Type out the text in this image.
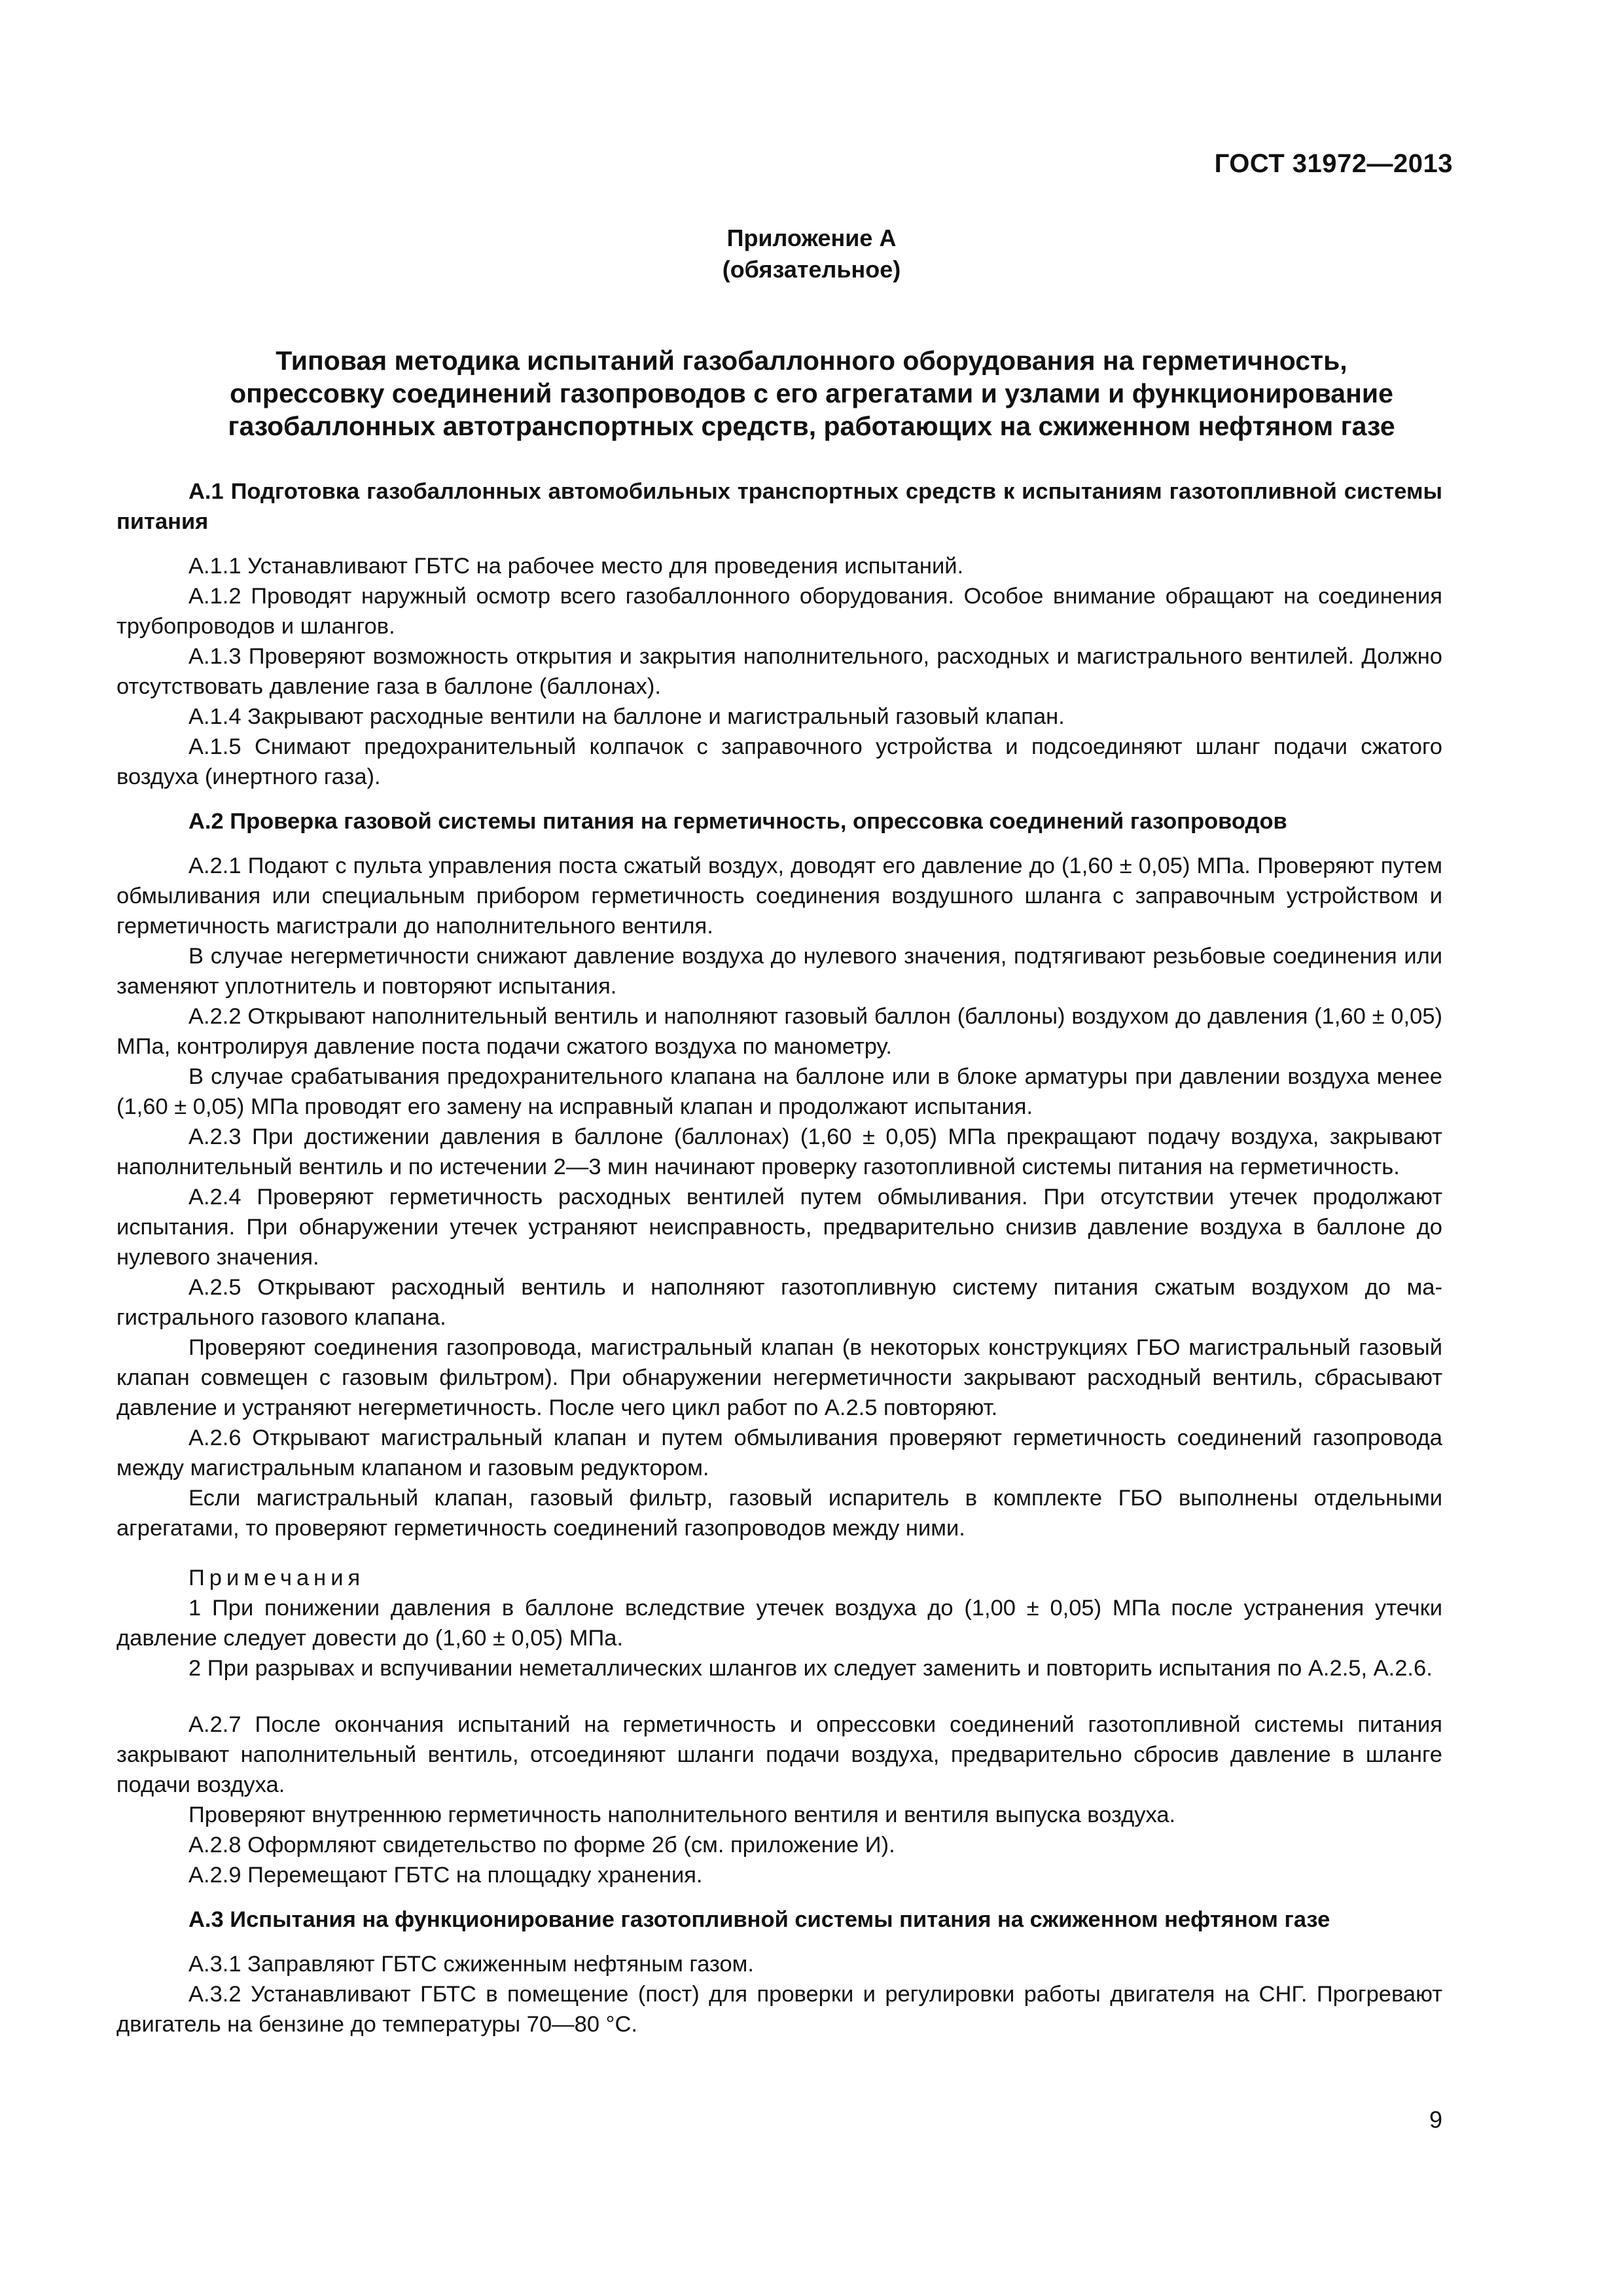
ГОСТ 31972—2013
Приложение А
(обязательное)
Типовая методика испытаний газобаллонного оборудования на герметичность,
опрессовку соединений газопроводов с его агрегатами и узлами и функционирование
газобаллонных автотранспортных средств, работающих на сжиженном нефтяном газе

А.1 Подготовка газобаллонных автомобильных транспортных средств к испытаниям газотопливной системы питания

А.1.1 Устанавливают ГБТС на рабочее место для проведения испытаний.

А.1.2 Проводят наружный осмотр всего газобаллонного оборудования. Особое внимание обращают на соединения трубопроводов и шлангов.

А.1.3 Проверяют возможность открытия и закрытия наполнительного, расходных и магистрального вентилей. Должно отсутствовать давление газа в баллоне (баллонах).

А.1.4 Закрывают расходные вентили на баллоне и магистральный газовый клапан.

А.1.5 Снимают предохранительный колпачок с заправочного устройства и подсоединяют шланг подачи сжатого воздуха (инертного газа).

А.2 Проверка газовой системы питания на герметичность, опрессовка соединений газопроводов

А.2.1 Подают с пульта управления поста сжатый воздух, доводят его давление до (1,60 ± 0,05) МПа. Проверяют путем обмыливания или специальным прибором герметичность соединения воздушного шланга с заправочным устройством и герметичность магистрали до наполнительного вентиля.

В случае негерметичности снижают давление воздуха до нулевого значения, подтягивают резьбовые соединения или заменяют уплотнитель и повторяют испытания.

А.2.2 Открывают наполнительный вентиль и наполняют газовый баллон (баллоны) воздухом до давления (1,60 ± 0,05) МПа, контролируя давление поста подачи сжатого воздуха по манометру.

В случае срабатывания предохранительного клапана на баллоне или в блоке арматуры при давлении воздуха менее (1,60 ± 0,05) МПа проводят его замену на исправный клапан и продолжают испытания.

А.2.3 При достижении давления в баллоне (баллонах) (1,60 ± 0,05) МПа прекращают подачу воздуха, закрывают наполнительный вентиль и по истечении 2—3 мин начинают проверку газотопливной системы питания на герметичность.

А.2.4 Проверяют герметичность расходных вентилей путем обмыливания. При отсутствии утечек продолжают испытания. При обнаружении утечек устраняют неисправность, предварительно снизив давление воздуха в баллоне до нулевого значения.

А.2.5 Открывают расходный вентиль и наполняют газотопливную систему питания сжатым воздухом до магистрального газового клапана.

Проверяют соединения газопровода, магистральный клапан (в некоторых конструкциях ГБО магистральный газовый клапан совмещен с газовым фильтром). При обнаружении негерметичности закрывают расходный вентиль, сбрасывают давление и устраняют негерметичность. После чего цикл работ по А.2.5 повторяют.

А.2.6 Открывают магистральный клапан и путем обмыливания проверяют герметичность соединений газопровода между магистральным клапаном и газовым редуктором.

Если магистральный клапан, газовый фильтр, газовый испаритель в комплекте ГБО выполнены отдельными агрегатами, то проверяют герметичность соединений газопроводов между ними.

Примечания

1 При понижении давления в баллоне вследствие утечек воздуха до (1,00 ± 0,05) МПа после устранения утечки давление следует довести до (1,60 ± 0,05) МПа.

2 При разрывах и вспучивании неметаллических шлангов их следует заменить и повторить испытания по А.2.5, А.2.6.

А.2.7 После окончания испытаний на герметичность и опрессовки соединений газотопливной системы питания закрывают наполнительный вентиль, отсоединяют шланги подачи воздуха, предварительно сбросив давление в шланге подачи воздуха.

Проверяют внутреннюю герметичность наполнительного вентиля и вентиля выпуска воздуха.

А.2.8 Оформляют свидетельство по форме 2б (см. приложение И).

А.2.9 Перемещают ГБТС на площадку хранения.

А.3 Испытания на функционирование газотопливной системы питания на сжиженном нефтяном газе

А.3.1 Заправляют ГБТС сжиженным нефтяным газом.

А.3.2 Устанавливают ГБТС в помещение (пост) для проверки и регулировки работы двигателя на СНГ. Прогревают двигатель на бензине до температуры 70—80 °С.

9
